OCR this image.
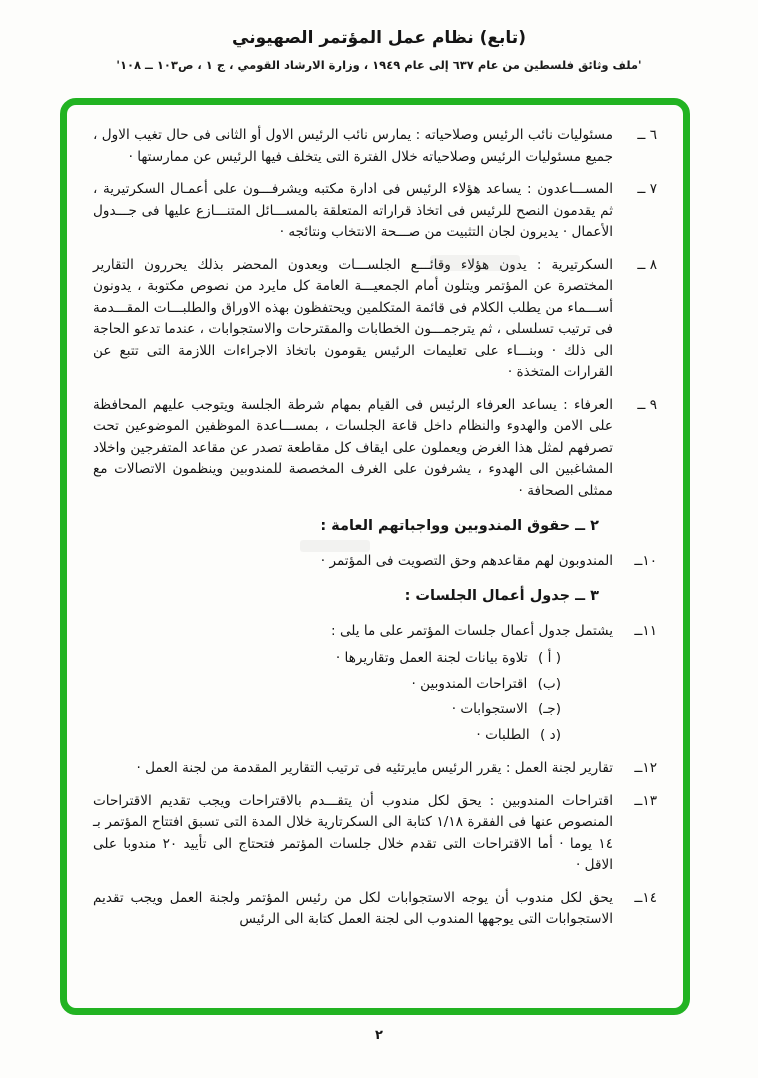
(تابع) نظام عمل المؤتمر الصهيوني
'ملف وثائق فلسطين من عام ٦٣٧ إلى عام ١٩٤٩ ، وزارة الارشاد القومي ، ج ١ ، ص١٠٣ ــ ١٠٨'
٦ ــ
مسئوليات نائب الرئيس وصلاحياته : يمارس نائب الرئيس الاول أو الثانى فى حال تغيب الاول ، جميع مسئوليات الرئيس وصلاحياته خلال الفترة التى يتخلف فيها الرئيس عن ممارستها ·
٧ ــ
المســـاعدون : يساعد هؤلاء الرئيس فى ادارة مكتبه ويشرفـــون على أعمـال السكرتيرية ، ثم يقدمون النصح للرئيس فى اتخاذ قراراته المتعلقة بالمســـائل المتنـــازع عليها فى جـــدول الأعمال · يديرون لجان التثبيت من صـــحة الانتخاب ونتائجه ·
٨ ــ
السكرتيرية : يدون هؤلاء وقائـــع الجلســـات ويعدون المحضر بذلك يحررون التقارير المختصرة عن المؤتمر ويتلون أمام الجمعيـــة العامة كل مايرد من نصوص مكتوبة ، يدونون أســـماء من يطلب الكلام فى قائمة المتكلمين ويحتفظون بهذه الاوراق والطلبـــات المقـــدمة فى ترتيب تسلسلى ، ثم يترجمـــون الخطابات والمقترحات والاستجوابات ، عندما تدعو الحاجة الى ذلك · وبنـــاء على تعليمات الرئيس يقومون باتخاذ الاجراءات اللازمة التى تتبع عن القرارات المتخذة ·
٩ ــ
العرفاء : يساعد العرفاء الرئيس فى القيام بمهام شرطة الجلسة ويتوجب عليهم المحافظة على الامن والهدوء والنظام داخل قاعة الجلسات ، بمســـاعدة الموظفين الموضوعين تحت تصرفهم لمثل هذا الغرض ويعملون على ايقاف كل مقاطعة تصدر عن مقاعد المتفرجين واخلاد المشاغبين الى الهدوء ، يشرفون على الغرف المخصصة للمندوبين وينظمون الاتصالات مع ممثلى الصحافة ·
٢ ــ حقوق المندوبين وواجباتهم العامة :
١٠ــ
المندوبون لهم مقاعدهم وحق التصويت فى المؤتمر ·
٣ ــ جدول أعمال الجلسات :
١١ــ
يشتمل جدول أعمال جلسات المؤتمر على ما يلى :
( أ ) تلاوة بيانات لجنة العمل وتقاريرها ·
(ب) اقتراحات المندوبين ·
(جـ) الاستجوابات ·
(د ) الطلبات ·
١٢ــ
تقارير لجنة العمل : يقرر الرئيس مايرتئيه فى ترتيب التقارير المقدمة من لجنة العمل ·
١٣ــ
اقتراحات المندوبين : يحق لكل مندوب أن يتقـــدم بالاقتراحات ويجب تقديم الاقتراحات المنصوص عنها فى الفقرة ١/١٨ كتابة الى السكرتارية خلال المدة التى تسبق افتتاح المؤتمر بـ ١٤ يوما · أما الاقتراحات التى تقدم خلال جلسات المؤتمر فتحتاج الى تأييد ٢٠ مندوبا على الاقل ·
١٤ــ
يحق لكل مندوب أن يوجه الاستجوابات لكل من رئيس المؤتمر ولجنة العمل ويجب تقديم الاستجوابات التى يوجهها المندوب الى لجنة العمل كتابة الى الرئيس
٢
